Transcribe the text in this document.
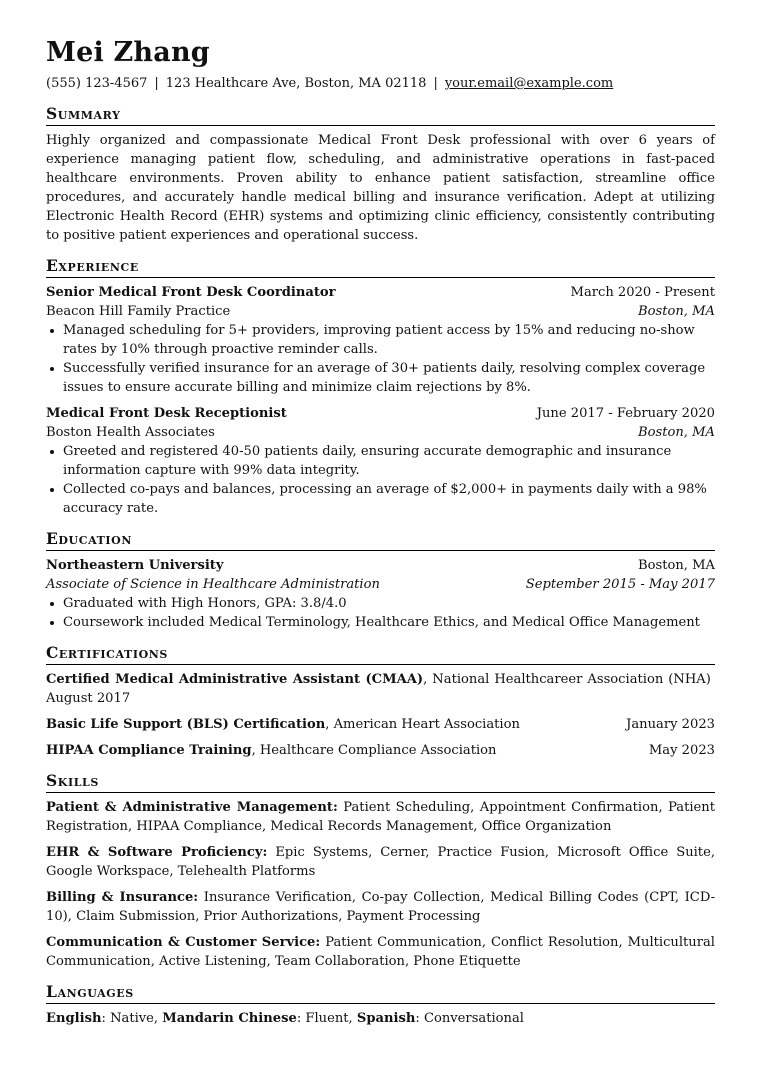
Mei Zhang
(555) 123-4567 | 123 Healthcare Ave, Boston, MA 02118 | your.email@example.com
Summary
Highly organized and compassionate Medical Front Desk professional with over 6 years of experience managing patient flow, scheduling, and administrative operations in fast-paced healthcare environments. Proven ability to enhance patient satisfaction, streamline office procedures, and accurately handle medical billing and insurance verification. Adept at utilizing Electronic Health Record (EHR) systems and optimizing clinic efficiency, consistently contributing to positive patient experiences and operational success.
Experience
Senior Medical Front Desk Coordinator	March 2020 - Present
Beacon Hill Family Practice	Boston, MA
Managed scheduling for 5+ providers, improving patient access by 15% and reducing no-show rates by 10% through proactive reminder calls.
Successfully verified insurance for an average of 30+ patients daily, resolving complex coverage issues to ensure accurate billing and minimize claim rejections by 8%.
Medical Front Desk Receptionist	June 2017 - February 2020
Boston Health Associates	Boston, MA
Greeted and registered 40-50 patients daily, ensuring accurate demographic and insurance information capture with 99% data integrity.
Collected co-pays and balances, processing an average of $2,000+ in payments daily with a 98% accuracy rate.
Education
Northeastern University	Boston, MA
Associate of Science in Healthcare Administration	September 2015 - May 2017
Graduated with High Honors, GPA: 3.8/4.0
Coursework included Medical Terminology, Healthcare Ethics, and Medical Office Management
Certifications
Certified Medical Administrative Assistant (CMAA), National Healthcareer Association (NHA)  August 2017
Basic Life Support (BLS) Certification, American Heart Association	January 2023
HIPAA Compliance Training, Healthcare Compliance Association	May 2023
Skills
Patient & Administrative Management: Patient Scheduling, Appointment Confirmation, Patient Registration, HIPAA Compliance, Medical Records Management, Office Organization
EHR & Software Proficiency: Epic Systems, Cerner, Practice Fusion, Microsoft Office Suite, Google Workspace, Telehealth Platforms
Billing & Insurance: Insurance Verification, Co-pay Collection, Medical Billing Codes (CPT, ICD-10), Claim Submission, Prior Authorizations, Payment Processing
Communication & Customer Service: Patient Communication, Conflict Resolution, Multicultural Communication, Active Listening, Team Collaboration, Phone Etiquette
Languages
English: Native, Mandarin Chinese: Fluent, Spanish: Conversational
